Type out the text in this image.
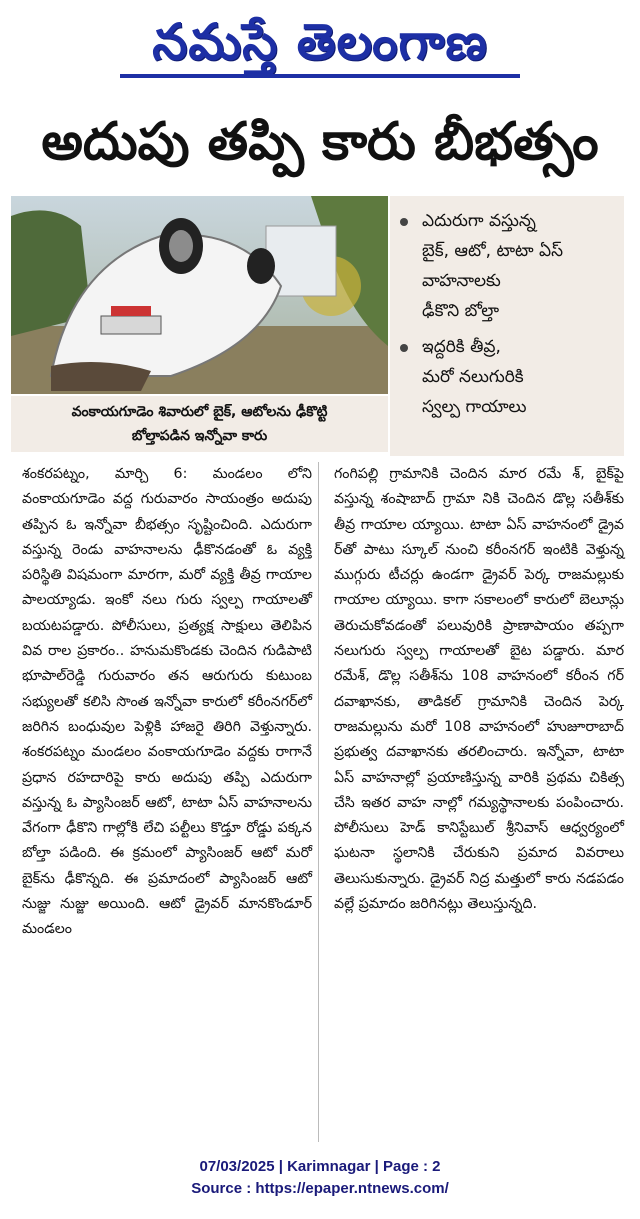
నమస్తే తెలంగాణ
అదుపు తప్పి కారు బీభత్సం
వంకాయగూడెం శివారులో బైక్, ఆటోలను ఢీకొట్టి
బోల్తాపడిన ఇన్నోవా కారు
ఎదురుగా వస్తున్న
బైక్, ఆటో, టాటా ఏస్
వాహనాలకు
ఢీకొని బోల్తా
ఇద్దరికి తీవ్ర,
మరో నలుగురికి
స్వల్ప గాయాలు

శంకరపట్నం, మార్చి 6: మండలం లోని వంకాయగూడెం వద్ద గురువారం సాయంత్రం అదుపు తప్పిన ఓ ఇన్నోవా బీభత్సం సృష్టించింది. ఎదురుగా వస్తున్న రెండు వాహనాలను ఢీకొనడంతో ఓ వ్యక్తి పరిస్థితి విషమంగా మారగా, మరో వ్యక్తి తీవ్ర గాయాల పాలయ్యాడు. ఇంకో నలు గురు స్వల్ప గాయాలతో బయటపడ్డారు. పోలీసులు, ప్రత్యక్ష సాక్షులు తెలిపిన వివ రాల ప్రకారం.. హనుమకొండకు చెందిన గుడిపాటి భూపాల్‌రెడ్డి గురువారం తన ఆరుగురు కుటుంబ సభ్యులతో కలిసి సొంత ఇన్నోవా కారులో కరీంనగర్‌లో జరిగిన బంధువుల పెళ్లికి హాజరై తిరిగి వెళ్తున్నారు. శంకరపట్నం మండలం వంకాయగూడెం వద్దకు రాగానే ప్రధాన రహదారిపై కారు అదుపు తప్పి ఎదురుగా వస్తున్న ఓ ప్యాసింజర్ ఆటో, టాటా ఏస్ వాహనాలను వేగంగా ఢీకొని గాల్లోకి లేచి పల్టీలు కొడ్తూ రోడ్డు పక్కన బోల్తా పడింది. ఈ క్రమంలో ప్యాసింజర్ ఆటో మరో బైక్‌ను ఢీకొన్నది. ఈ ప్రమాదంలో ప్యాసింజర్ ఆటో నుజ్జు నుజ్జు అయింది. ఆటో డ్రైవర్ మానకొండూర్ మండలం

గంగిపల్లి గ్రామానికి చెందిన మార రమే శ్, బైక్‌పై వస్తున్న శంషాబాద్ గ్రామా నికి చెందిన డొల్ల సతీశ్‌కు తీవ్ర గాయాల య్యాయి. టాటా ఏస్ వాహనంలో డ్రైవ ర్‌తో పాటు స్కూల్ నుంచి కరీంనగర్ ఇంటికి వెళ్తున్న ముగ్గురు టీచర్లు ఉండగా డ్రైవర్ పెర్క రాజమల్లుకు గాయాల య్యాయి. కాగా సకాలంలో కారులో బెలూన్లు తెరుచుకోవడంతో పలువురికి ప్రాణాపాయం తప్పగా నలుగురు స్వల్ప గాయాలతో బైట పడ్డారు. మార రమేశ్, డొల్ల సతీశ్‌ను 108 వాహనంలో కరీంన గర్ దవాఖానకు, తాడికల్ గ్రామానికి చెందిన పెర్క రాజమల్లును మరో 108 వాహనంలో హుజూరాబాద్ ప్రభుత్వ దవాఖానకు తరలించారు. ఇన్నోవా, టాటా ఏస్ వాహనాల్లో ప్రయాణిస్తున్న వారికి ప్రథమ చికిత్స చేసి ఇతర వాహ నాల్లో గమ్యస్థానాలకు పంపించారు. పోలీసులు హెడ్ కానిస్టేబుల్ శ్రీనివాస్ ఆధ్వర్యంలో ఘటనా స్థలానికి చేరుకుని ప్రమాద వివరాలు తెలుసుకున్నారు. డ్రైవర్ నిద్ర మత్తులో కారు నడపడం వల్లే ప్రమాదం జరిగినట్లు తెలుస్తున్నది.

07/03/2025 | Karimnagar | Page : 2
Source : https://epaper.ntnews.com/
